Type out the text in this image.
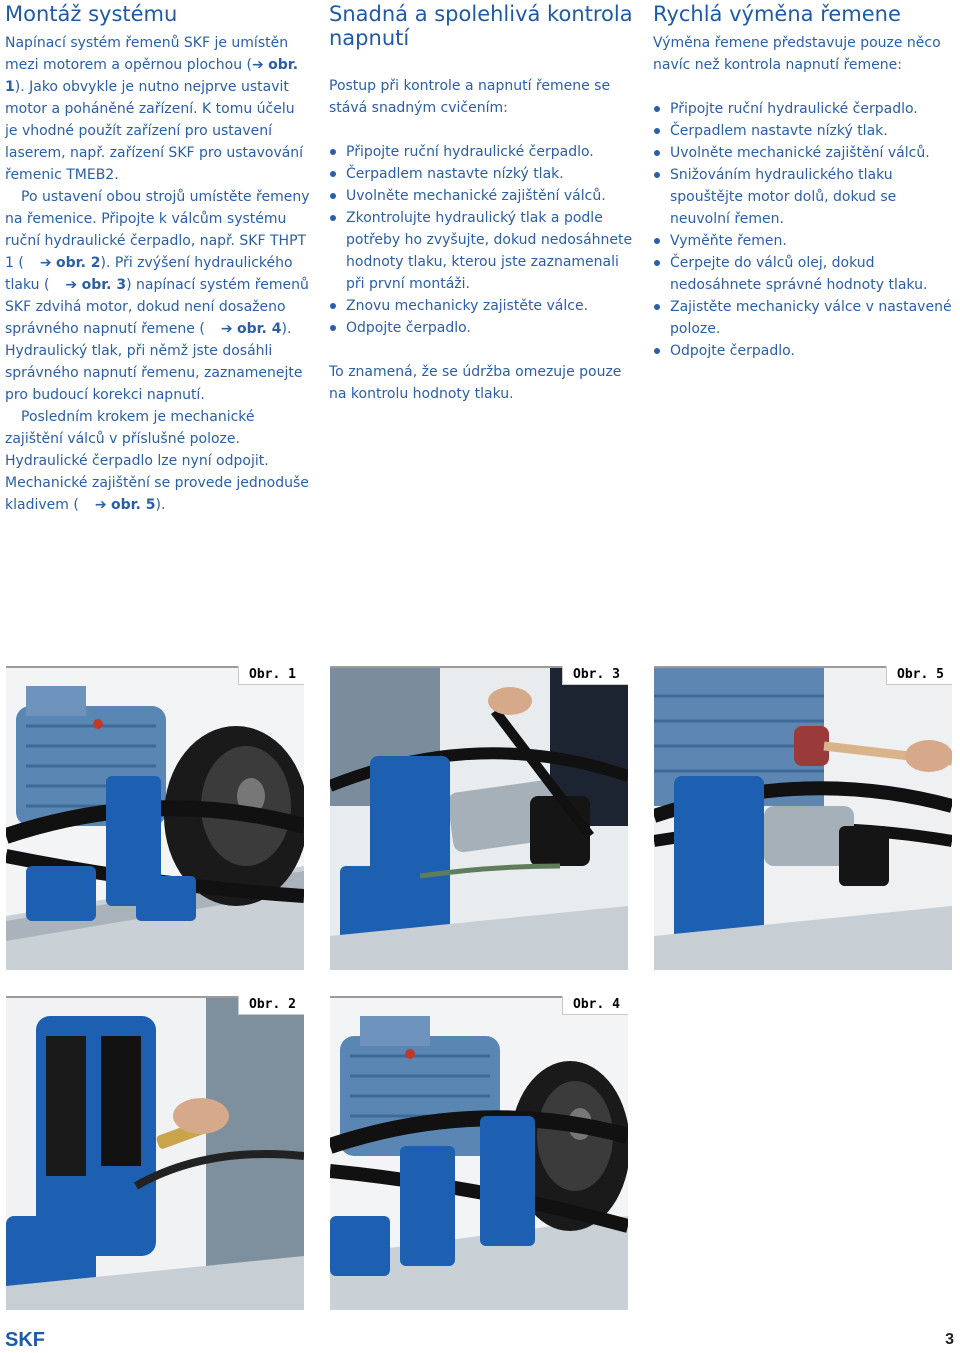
Montáž systému

Napínací systém řemenů SKF je umístěn mezi motorem a opěrnou plochou (➔ obr. 1). Jako obvykle je nutno nejprve ustavit motor a poháněné zařízení. K tomu účelu je vhodné použít zařízení pro ustavení laserem, např. zařízení SKF pro ustavování řemenic TMEB2.

Po ustavení obou strojů umístěte řemeny na řemenice. Připojte k válcům systému ruční hydraulické čerpadlo, např. SKF THPT 1 ( ➔ obr. 2). Při zvýšení hydraulického tlaku ( ➔ obr. 3) napínací systém řemenů SKF zdvihá motor, dokud není dosaženo správného napnutí řemene ( ➔ obr. 4). Hydraulický tlak, při němž jste dosáhli správného napnutí řemenu, zaznamenejte pro budoucí korekci napnutí.

Posledním krokem je mechanické zajištění válců v příslušné poloze. Hydraulické čerpadlo lze nyní odpojit. Mechanické zajištění se provede jednoduše kladivem ( ➔ obr. 5).

Snadná a spolehlivá kontrola
napnutí

Postup při kontrole a napnutí řemene se stává snadným cvičením:

Připojte ruční hydraulické čerpadlo.
Čerpadlem nastavte nízký tlak.
Uvolněte mechanické zajištění válců.
Zkontrolujte hydraulický tlak a podle potřeby ho zvyšujte, dokud nedosáhnete hodnoty tlaku, kterou jste zaznamenali při první montáži.
Znovu mechanicky zajistěte válce.
Odpojte čerpadlo.

To znamená, že se údržba omezuje pouze na kontrolu hodnoty tlaku.

Rychlá výměna řemene

Výměna řemene představuje pouze něco navíc než kontrola napnutí řemene:

Připojte ruční hydraulické čerpadlo.
Čerpadlem nastavte nízký tlak.
Uvolněte mechanické zajištění válců.
Snižováním hydraulického tlaku spouštějte motor dolů, dokud se neuvolní řemen.
Vyměňte řemen.
Čerpejte do válců olej, dokud nedosáhnete správné hodnoty tlaku.
Zajistěte mechanicky válce v nastavené poloze.
Odpojte čerpadlo.
Obr. 1	Obr. 3	Obr. 5
Obr. 2	Obr. 4
SKF	3
